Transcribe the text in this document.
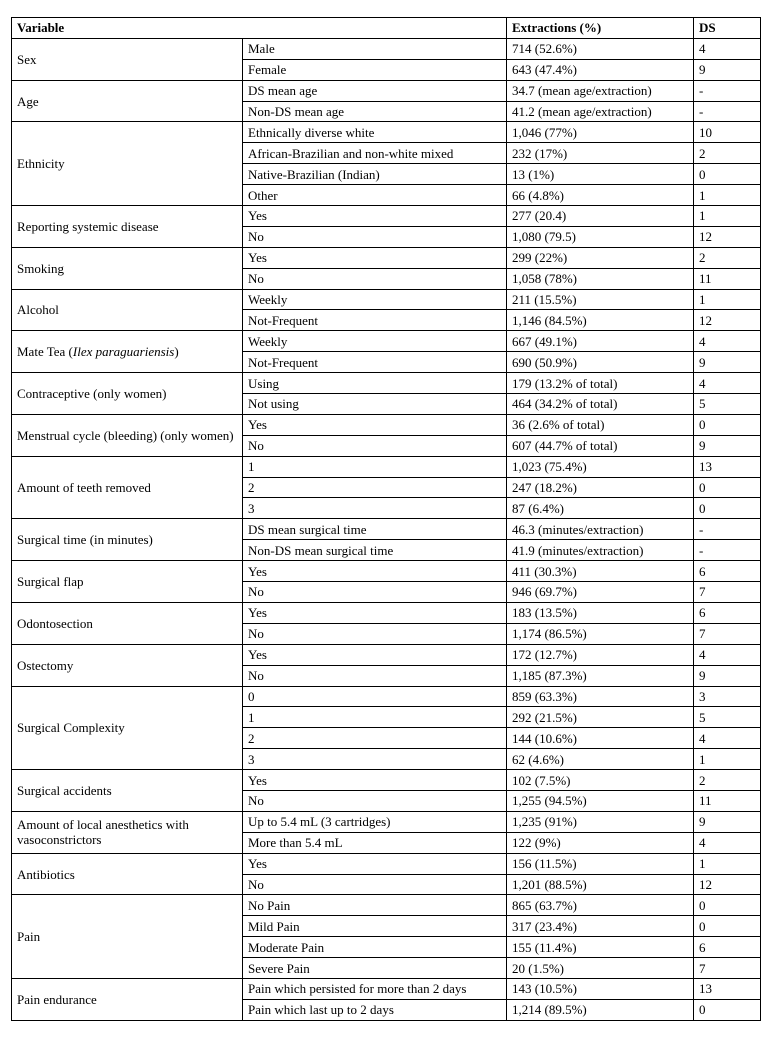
Variable		Extractions (%)	DS
Sex	Male	714 (52.6%)	4
	Female	643 (47.4%)	9
Age	DS mean age	34.7 (mean age/extraction)	-
	Non-DS mean age	41.2 (mean age/extraction)	-
Ethnicity	Ethnically diverse white	1,046 (77%)	10
	African-Brazilian and non-white mixed	232 (17%)	2
	Native-Brazilian (Indian)	13 (1%)	0
	Other	66 (4.8%)	1
Reporting systemic disease	Yes	277 (20.4)	1
	No	1,080 (79.5)	12
Smoking	Yes	299 (22%)	2
	No	1,058 (78%)	11
Alcohol	Weekly	211 (15.5%)	1
	Not-Frequent	1,146 (84.5%)	12
Mate Tea (Ilex paraguariensis)	Weekly	667 (49.1%)	4
	Not-Frequent	690 (50.9%)	9
Contraceptive (only women)	Using	179 (13.2% of total)	4
	Not using	464 (34.2% of total)	5
Menstrual cycle (bleeding) (only women)	Yes	36 (2.6% of total)	0
	No	607 (44.7% of total)	9
Amount of teeth removed	1	1,023 (75.4%)	13
	2	247 (18.2%)	0
	3	87 (6.4%)	0
Surgical time (in minutes)	DS mean surgical time	46.3 (minutes/extraction)	-
	Non-DS mean surgical time	41.9 (minutes/extraction)	-
Surgical flap	Yes	411 (30.3%)	6
	No	946 (69.7%)	7
Odontosection	Yes	183 (13.5%)	6
	No	1,174 (86.5%)	7
Ostectomy	Yes	172 (12.7%)	4
	No	1,185 (87.3%)	9
Surgical Complexity	0	859 (63.3%)	3
	1	292 (21.5%)	5
	2	144 (10.6%)	4
	3	62 (4.6%)	1
Surgical accidents	Yes	102 (7.5%)	2
	No	1,255 (94.5%)	11
Amount of local anesthetics with vasoconstrictors	Up to 5.4 mL (3 cartridges)	1,235 (91%)	9
	More than 5.4 mL	122 (9%)	4
Antibiotics	Yes	156 (11.5%)	1
	No	1,201 (88.5%)	12
Pain	No Pain	865 (63.7%)	0
	Mild Pain	317 (23.4%)	0
	Moderate Pain	155 (11.4%)	6
	Severe Pain	20 (1.5%)	7
Pain endurance	Pain which persisted for more than 2 days	143 (10.5%)	13
	Pain which last up to 2 days	1,214 (89.5%)	0
